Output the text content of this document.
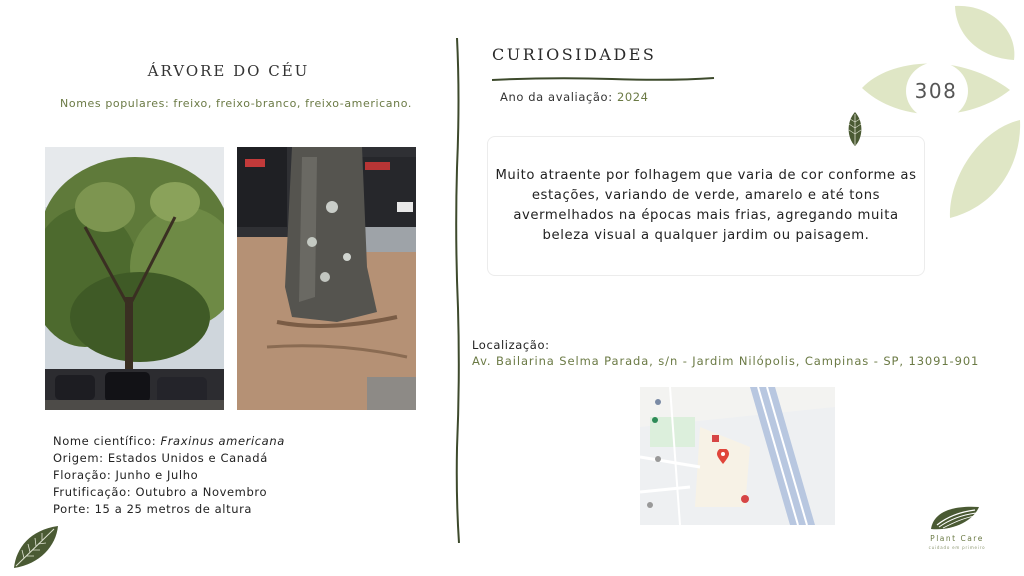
ÁRVORE DO CÉU
Nomes populares: freixo, freixo-branco, freixo-americano.
Nome científico: Fraxinus americana
Origem: Estados Unidos e Canadá
Floração: Junho e Julho
Frutificação: Outubro a Novembro
Porte: 15 a 25 metros de altura
CURIOSIDADES
Ano da avaliação: 2024

Muito atraente por folhagem que varia de cor conforme as estações, variando de verde, amarelo e até tons avermelhados na épocas mais frias, agregando muita beleza visual a qualquer jardim ou paisagem.

308
Localização:
Av. Bailarina Selma Parada, s/n - Jardim Nilópolis, Campinas - SP, 13091-901
Plant Care
cuidado em primeiro
